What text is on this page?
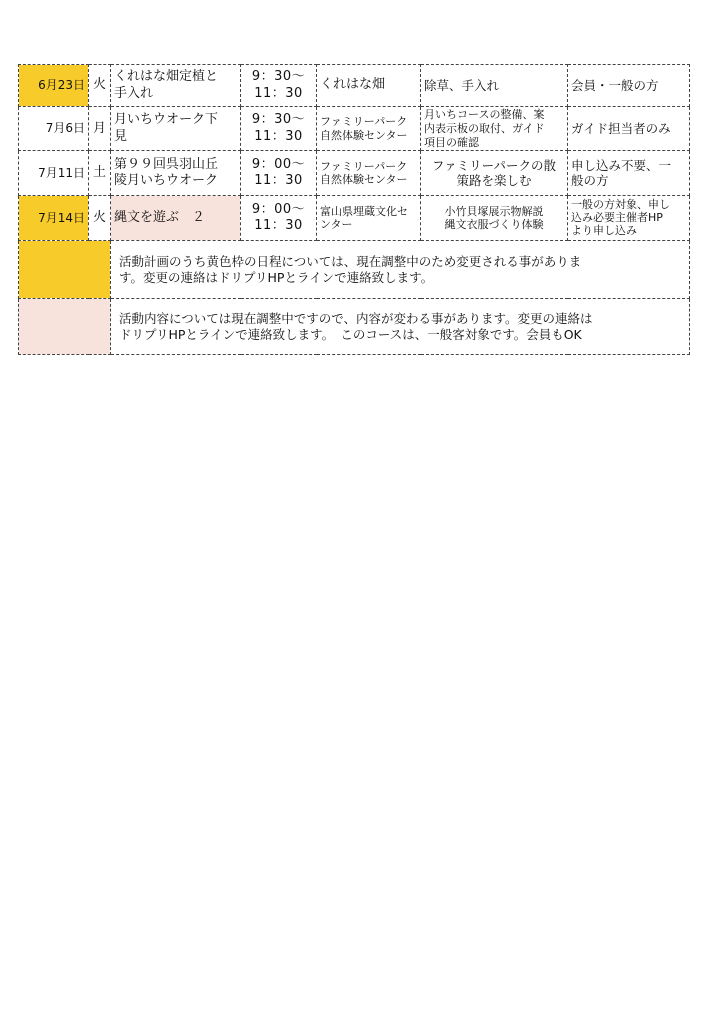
6月23日	火	くれはな畑定植と
手入れ	9：30〜
11：30	くれはな畑	除草、手入れ	会員・一般の方

7月6日	月	月いちウオーク下
見	9：30〜
11：30	ファミリーパーク
自然体験センター	月いちコースの整備、案
内表示板の取付、ガイド
項目の確認	ガイド担当者のみ

7月11日	土	第９９回呉羽山丘
陵月いちウオーク	9：00〜
11：30	ファミリーパーク
自然体験センター	ファミリーパークの散
策路を楽しむ	申し込み不要、一
般の方

7月14日	火	縄文を遊ぶ　２	9：00〜
11：30	富山県埋蔵文化セ
ンター	小竹貝塚展示物解説
縄文衣服づくり体験	一般の方対象、申し
込み必要主催者HP
より申し込み

		活動計画のうち黄色枠の日程については、現在調整中のため変更される事がありま
す。変更の連絡はドリプリHPとラインで連絡致します。				

		活動内容については現在調整中ですので、内容が変わる事があります。変更の連絡は
ドリプリHPとラインで連絡致します。　このコースは、一般客対象です。会員もOK				
